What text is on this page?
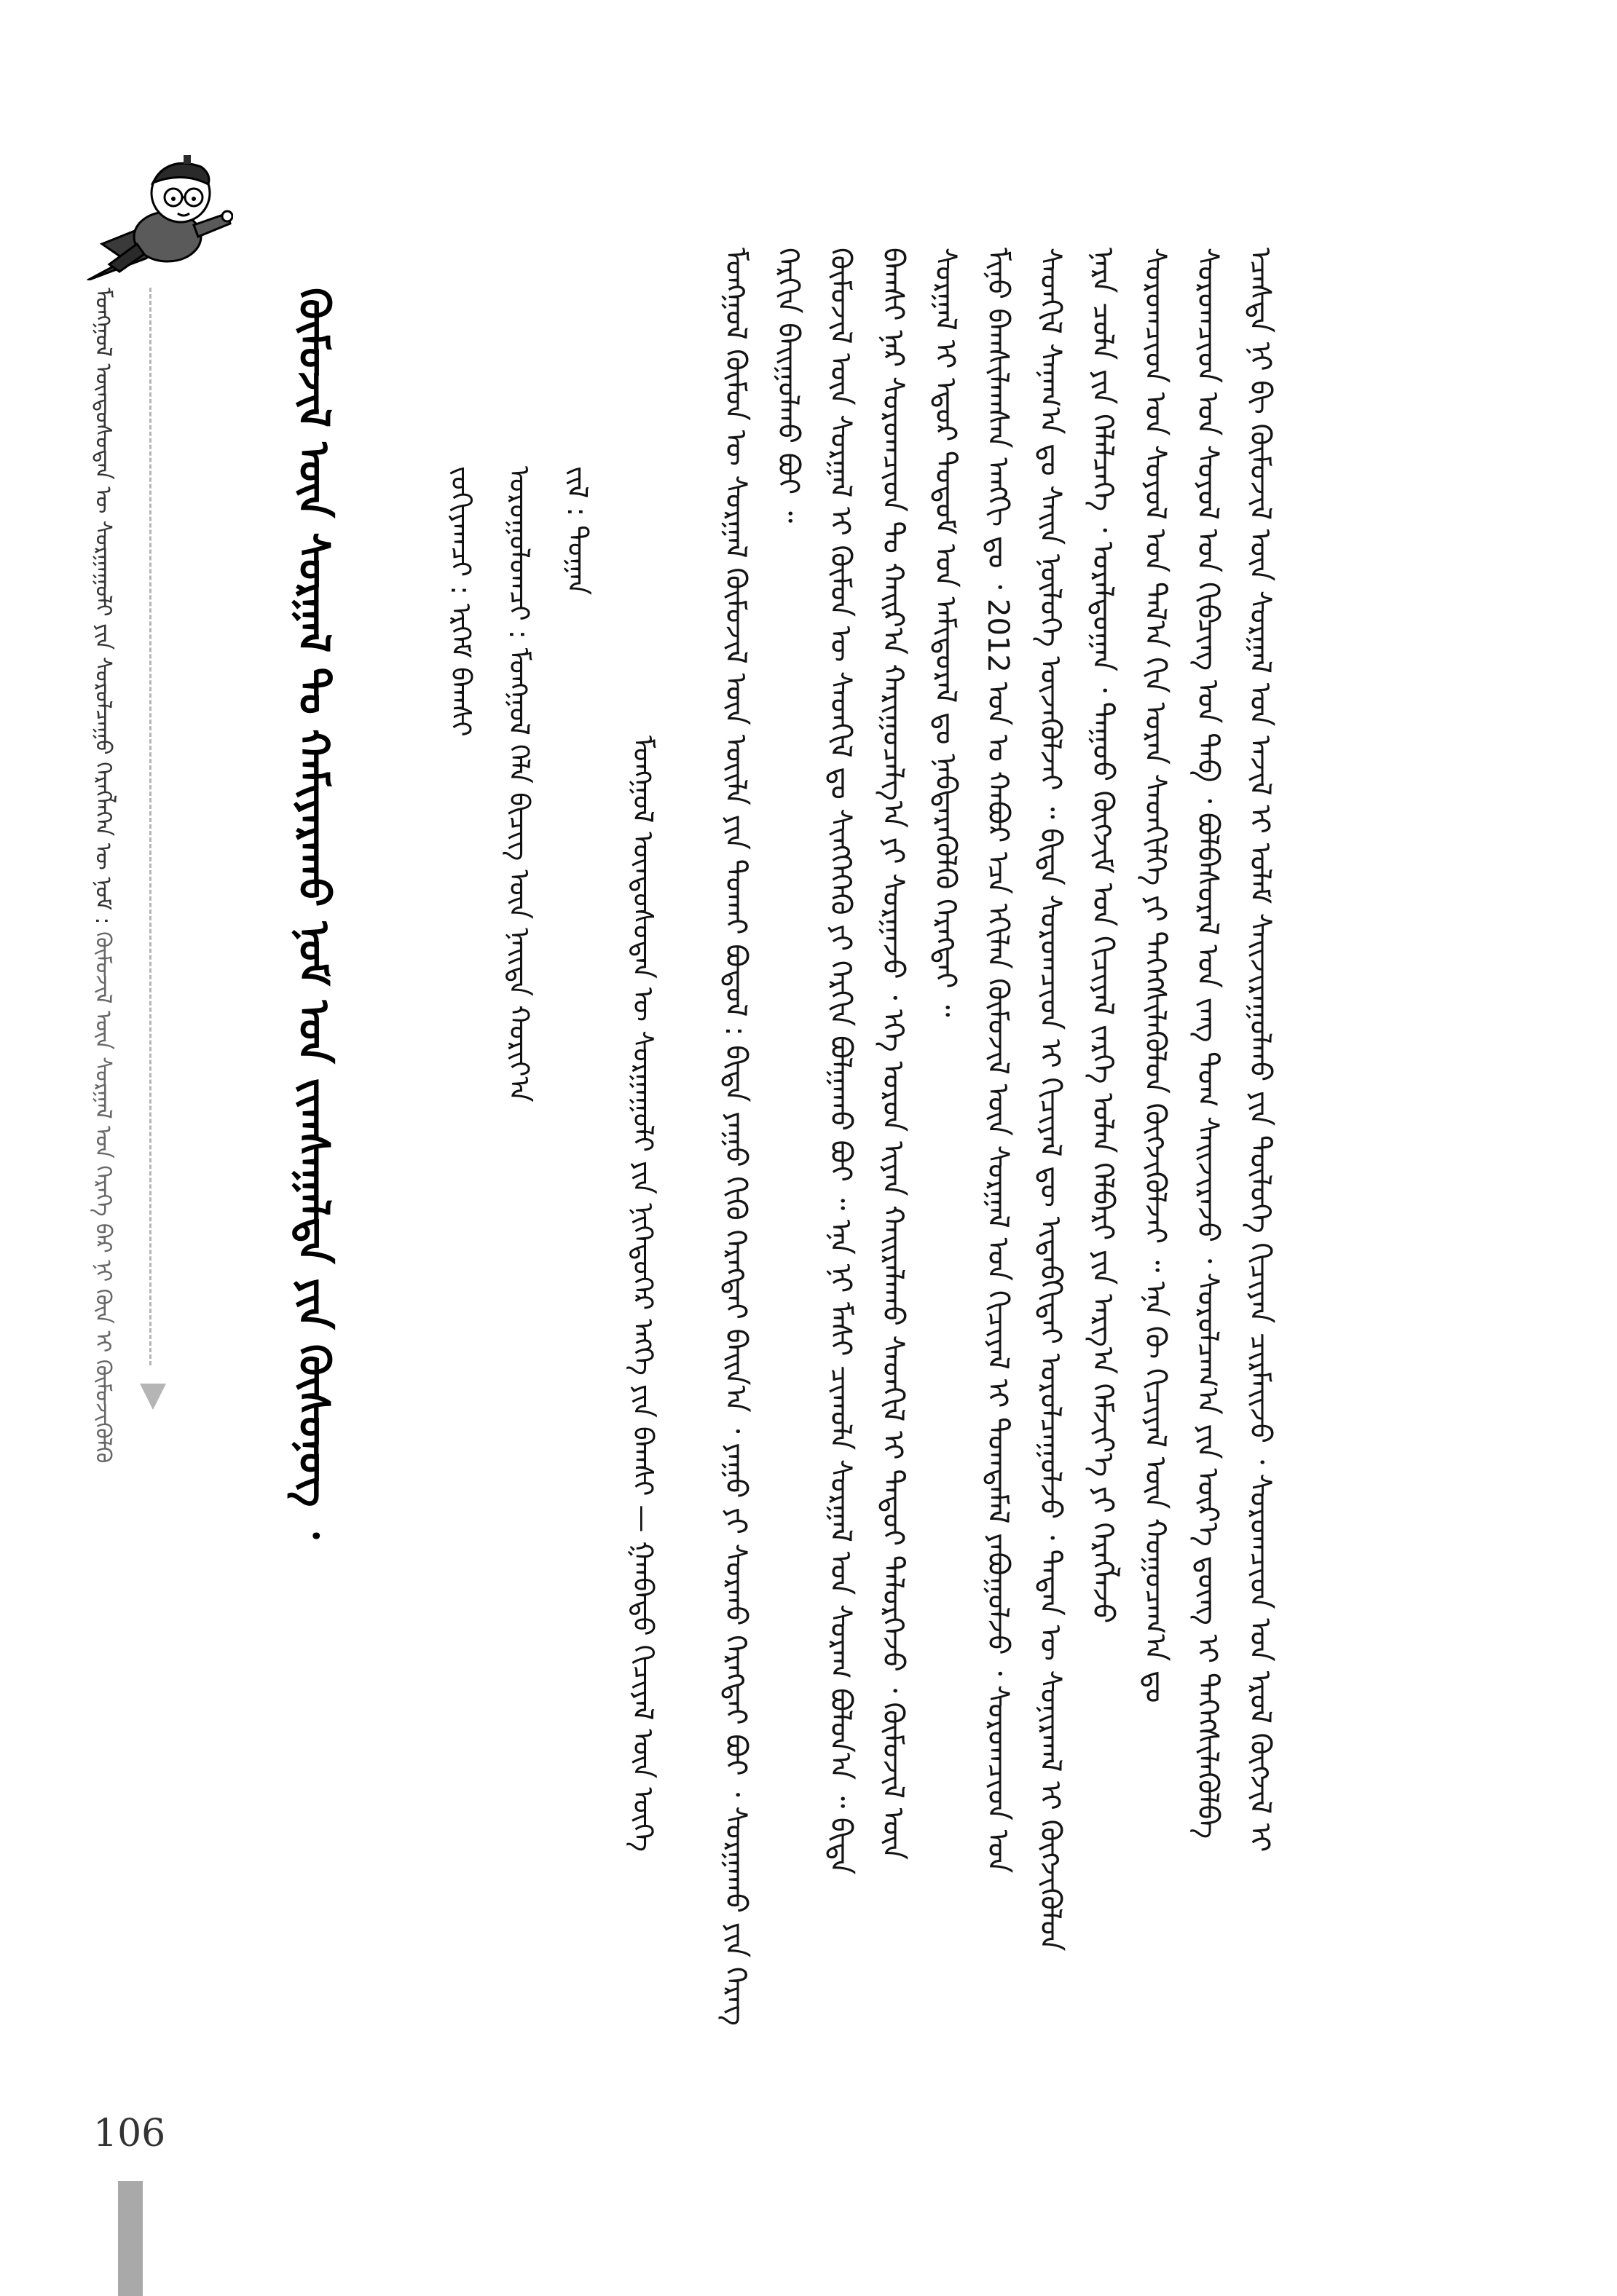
ᠮᠣᠩᠭᠣᠯ ᠦᠨᠳᠦᠰᠦᠲᠡᠨ ᠦ ᠰᠤᠷᠭᠠᠭᠤᠯᠢ ᠶᠢᠨ ᠰᠤᠷᠤᠯᠴᠠᠭᠤ ᠬᠡᠷᠡᠭᠯᠡᠭᠡᠨ ᠦ ᠨᠣᠮ : ᠬᠦᠮᠦᠵᠢᠯ ᠦᠨ ᠰᠤᠷᠭᠠᠯ ᠤᠨ ᠬᠡᠷᠡᠭᠡ ᠪᠡᠷ ᠨᠢ ᠬᠦᠨ ᠢ ᠬᠦᠮᠦᠵᠢᠭᠦᠯᠬᠦ	ᠬᠦᠮᠦᠵᠢᠯ ᠦᠨ ᠰᠤᠷᠭᠠᠯ ᠲᠤ ᠬᠠᠮᠢᠶᠠᠷᠠᠬᠤ ᠨᠣᠮ ᠤᠨ ᠵᠢᠭᠰᠠᠭᠠᠯᠲᠠ ᠶᠢᠨ ᠬᠦᠰᠦᠨᠦᠭ ᠂	ᠵᠣᠬᠢᠶᠠᠭᠴᠢ : ᠡᠷᠬᠡᠮ ᠪᠠᠭᠰᠢ ᠤᠷᠤᠭᠤᠯᠤᠭᠴᠢ : ᠮᠣᠩᠭᠣᠯ ᠬᠡᠯᠡ ᠪᠢᠴᠢᠭ ᠦᠨ ᠨᠡᠢᠲᠡ ᠬᠣᠷᠢᠶ᠎ᠠ ᠵᠢᠯ : ᠲᠣᠭᠠᠨ
ᠮᠣᠩᠭᠣᠯ ᠦᠨᠳᠦᠰᠦᠲᠡᠨ ᠦ ᠰᠤᠷᠭᠠᠭᠤᠯᠢ ᠶᠢᠨ ᠨᠢᠭᠡᠳᠦᠭᠡᠷ ᠡᠩᠭᠡ ᠶᠢᠨ ᠪᠠᠭᠰᠢ — ᠭᠠᠨᠪᠠᠲᠣ ᠬᠢᠴᠢᠶᠡᠯ ᠦᠨ ᠦᠭᠡ ᠮᠣᠩᠭᠣᠯ ᠬᠦᠮᠦᠨ ᠦ ᠰᠤᠷᠭᠠᠯ ᠬᠦᠮᠦᠵᠢᠯ ᠦᠨ ᠦᠢᠯᠡ ᠶᠢᠨ ᠲᠤᠬᠠᠢ ᠪᠣᠳᠤᠯ : ᠪᠢᠳᠡ ᠶᠠᠭᠤ ᠬᠢᠬᠦ ᠬᠡᠷᠡᠭᠲᠡᠢ ᠪᠠᠢᠨ᠎ᠠ ᠂ ᠶᠠᠭᠤ ᠶᠢ ᠰᠤᠷᠬᠤ ᠬᠡᠷᠡᠭᠲᠡᠢ ᠪᠤᠢ ᠂ ᠰᠤᠷᠭᠠᠬᠤ ᠶᠢᠨ ᠬᠡᠷᠡᠭ ᠬᠡᠷᠬᠢᠨ ᠪᠠᠢᠭᠤᠯᠬᠤ ᠪᠤᠢ ᠃ ᠬᠦᠮᠦᠵᠢᠯ ᠦᠨ ᠰᠤᠷᠭᠠᠯ ᠢ ᠬᠦᠮᠦᠨ ᠦ ᠰᠡᠳᠬᠢᠯ ᠳᠤ ᠰᠢᠩᠭᠡᠭᠡᠬᠦ ᠶᠢ ᠬᠡᠷᠬᠢᠨ ᠪᠣᠯᠭᠠᠬᠤ ᠪᠤᠢ ᠃ ᠡᠨᠡ ᠨᠢ ᠮᠠᠰᠢ ᠴᠢᠬᠤᠯᠠ ᠰᠤᠷᠭᠠᠯ ᠤᠨ ᠰᠤᠷᠠᠭ ᠪᠣᠯᠤᠨ᠎ᠠ ᠃ ᠪᠢᠳᠡ ᠪᠠᠭᠰᠢ ᠨᠠᠷ ᠰᠤᠷᠤᠭᠴᠢᠳ ᠲᠤ ᠬᠠᠢᠷ᠎ᠠ ᠬᠠᠷᠢᠭᠤᠴᠠᠯᠭ᠎ᠠ ᠶᠢ ᠰᠤᠷᠭᠠᠵᠤ ᠂ ᠡᠬᠡ ᠣᠷᠣᠨ ᠢᠶᠠᠨ ᠬᠠᠢᠷᠠᠯᠠᠬᠤ ᠰᠡᠳᠬᠢᠯ ᠢ ᠲᠡᠳᠦᠢ ᠲᠡᠯᠦᠷᠭᠡᠵᠦ ᠂ ᠬᠦᠮᠦᠵᠢᠯ ᠦᠨ ᠰᠤᠷᠭᠠᠯ ᠢ ᠡᠳᠦᠷ ᠲᠤᠲᠤᠮ ᠤᠨ ᠠᠮᠢᠳᠤᠷᠠᠯ ᠳᠤ ᠨᠡᠪᠲᠡᠷᠡᠭᠦᠯᠬᠦ ᠬᠡᠷᠡᠭᠲᠡᠢ ᠃ ᠮᠢᠨᠤ ᠪᠠᠭᠰᠢᠯᠠᠭᠰᠠᠨ ᠠᠩᠭᠢ ᠳᠤ ᠂ 2012 ᠣᠨ ᠤ ᠬᠠᠪᠤᠷ ᠡᠴᠡ ᠡᠬᠢᠯᠡᠨ ᠬᠦᠮᠦᠵᠢᠯ ᠦᠨ ᠰᠤᠷᠭᠠᠯ ᠤᠨ ᠬᠢᠴᠢᠶᠡᠯ ᠢ ᠲᠣᠭᠲᠠᠮᠠᠯ ᠶᠠᠪᠤᠭᠤᠯᠵᠤ ᠂ ᠰᠤᠷᠤᠭᠴᠢᠳ ᠤᠨ ᠰᠡᠳᠬᠢᠯ ᠰᠠᠨᠠᠭ᠎ᠠ ᠳᠤ ᠰᠠᠢᠨ ᠨᠦᠯᠦᠭᠡ ᠦᠵᠡᠭᠦᠯᠵᠡᠢ ᠃ ᠪᠢᠳᠡ ᠰᠤᠷᠤᠭᠴᠢᠳ ᠢ ᠬᠢᠴᠢᠶᠡᠯ ᠳᠦ ᠢᠳᠡᠪᠬᠢᠲᠡᠢ ᠣᠷᠣᠯᠴᠠᠭᠤᠯᠵᠤ ᠂ ᠲᠡᠳᠡᠨ ᠦ ᠰᠣᠨᠢᠷᠬᠠᠯ ᠢ ᠬᠥᠭᠵᠢᠭᠦᠯᠦᠨ ᠨᠡᠷᠡ ᠴᠣᠯᠠ ᠶᠢᠨ ᠬᠡᠯᠡᠯᠴᠡᠭᠡ ᠂ ᠤᠷᠠᠯᠳᠤᠭᠠᠨ ᠂ ᠳᠠᠭᠤᠤ ᠬᠥᠭᠵᠢᠮ ᠤᠨ ᠬᠢᠴᠢᠶᠡᠯ ᠵᠡᠷᠭᠡ ᠣᠯᠠᠨ ᠬᠡᠯᠪᠡᠷᠢ ᠶᠢᠨ ᠠᠷᠭ᠎ᠠ ᠬᠡᠮᠵᠢᠶ᠎ᠡ ᠶᠢ ᠬᠡᠷᠡᠭᠯᠡᠵᠦ ᠰᠤᠷᠤᠭᠴᠢᠳ ᠤᠨ ᠰᠤᠶᠤᠯ ᠤᠨ ᠲᠠᠯ᠎ᠠ ᠬᠢᠨ ᠤᠷᠠᠨ ᠰᠡᠳᠬᠢᠯᠭᠡ ᠶᠢ ᠳᠡᠭᠡᠭᠰᠢᠯᠡᠭᠦᠯᠦᠨ ᠬᠥᠭᠵᠢᠭᠦᠯᠵᠡᠢ ᠃ ᠡᠨᠡ ᠬᠦ ᠬᠢᠴᠢᠶᠡᠯ ᠦᠨ ᠬᠤᠭᠤᠴᠠᠭ᠎ᠠ ᠳᠤ ᠰᠤᠷᠤᠭᠴᠢᠳ ᠤᠨ ᠰᠣᠶᠤᠯ ᠤᠨ ᠬᠢᠪᠴᠢᠩ ᠤᠨ ᠲᠡᠪ ᠂ ᠪᠣᠯᠪᠠᠰᠤᠷᠠᠯ ᠤᠨ ᠵᠠᠩ ᠳᠣᠭ ᠰᠠᠢᠵᠢᠷᠠᠵᠤ ᠂ ᠰᠤᠷᠤᠯᠴᠠᠭ᠎ᠠ ᠶᠢᠨ ᠦᠷ᠎ᠡ ᠳ᠋ᠦᠩ ᠢ ᠳᠡᠭᠡᠭᠰᠢᠯᠡᠭᠦᠯᠪᠡ ᠡᠴᠡᠰᠲᠡ ᠨᠢ ᠪᠢ ᠬᠦᠮᠦᠵᠢᠯ ᠦᠨ ᠰᠤᠷᠭᠠᠯ ᠤᠨ ᠠᠵᠢᠯ ᠢ ᠤᠯᠠᠮ ᠰᠠᠢᠵᠢᠷᠠᠭᠤᠯᠬᠤ ᠶᠢᠨ ᠲᠥᠯᠦᠭᠡ ᠬᠢᠴᠢᠶᠡᠨ ᠴᠢᠷᠮᠠᠢᠵᠤ ᠂ ᠰᠤᠷᠤᠭᠴᠢᠳ ᠤᠨ ᠡᠷᠦᠯ ᠬᠥᠭᠵᠢᠯ ᠢ
106
